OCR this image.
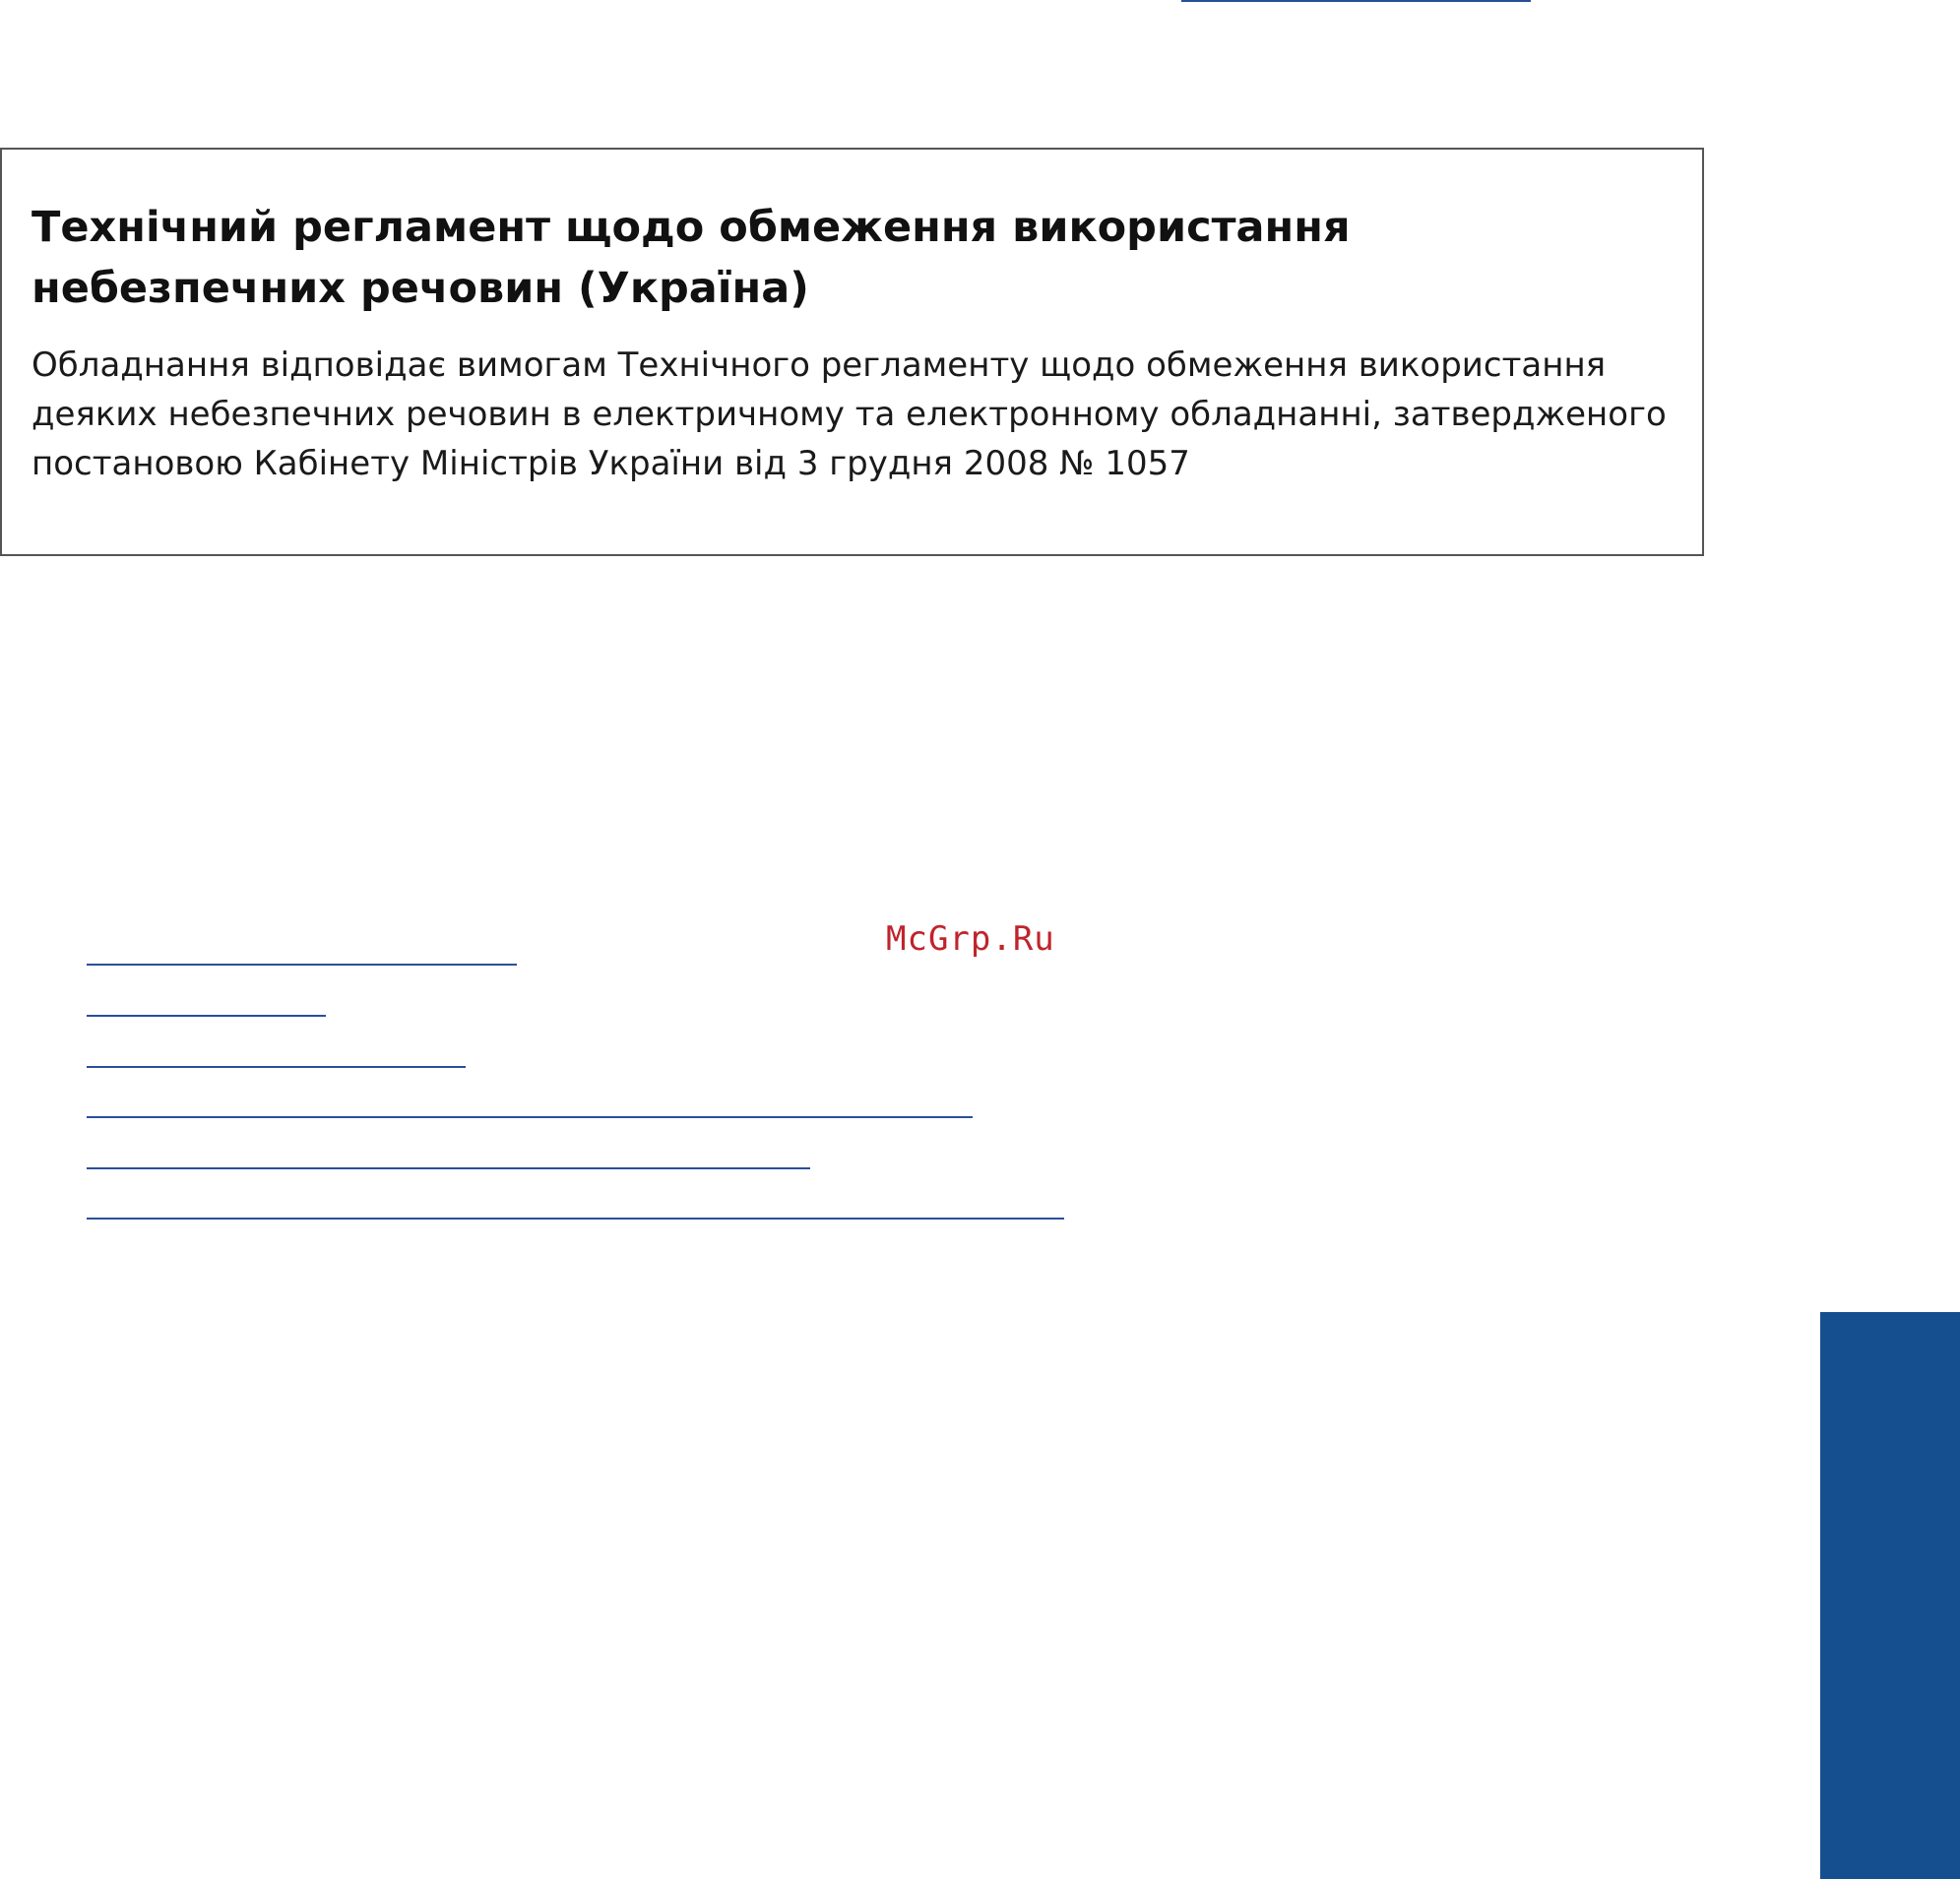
Технічний регламент щодо обмеження використання небезпечних речовин (Україна)

Обладнання відповідає вимогам Технічного регламенту щодо обмеження використання деяких небезпечних речовин в електричному та електронному обладнанні, затвердженого постановою Кабінету Міністрів України від 3 грудня 2008 № 1057

McGrp.Ru
